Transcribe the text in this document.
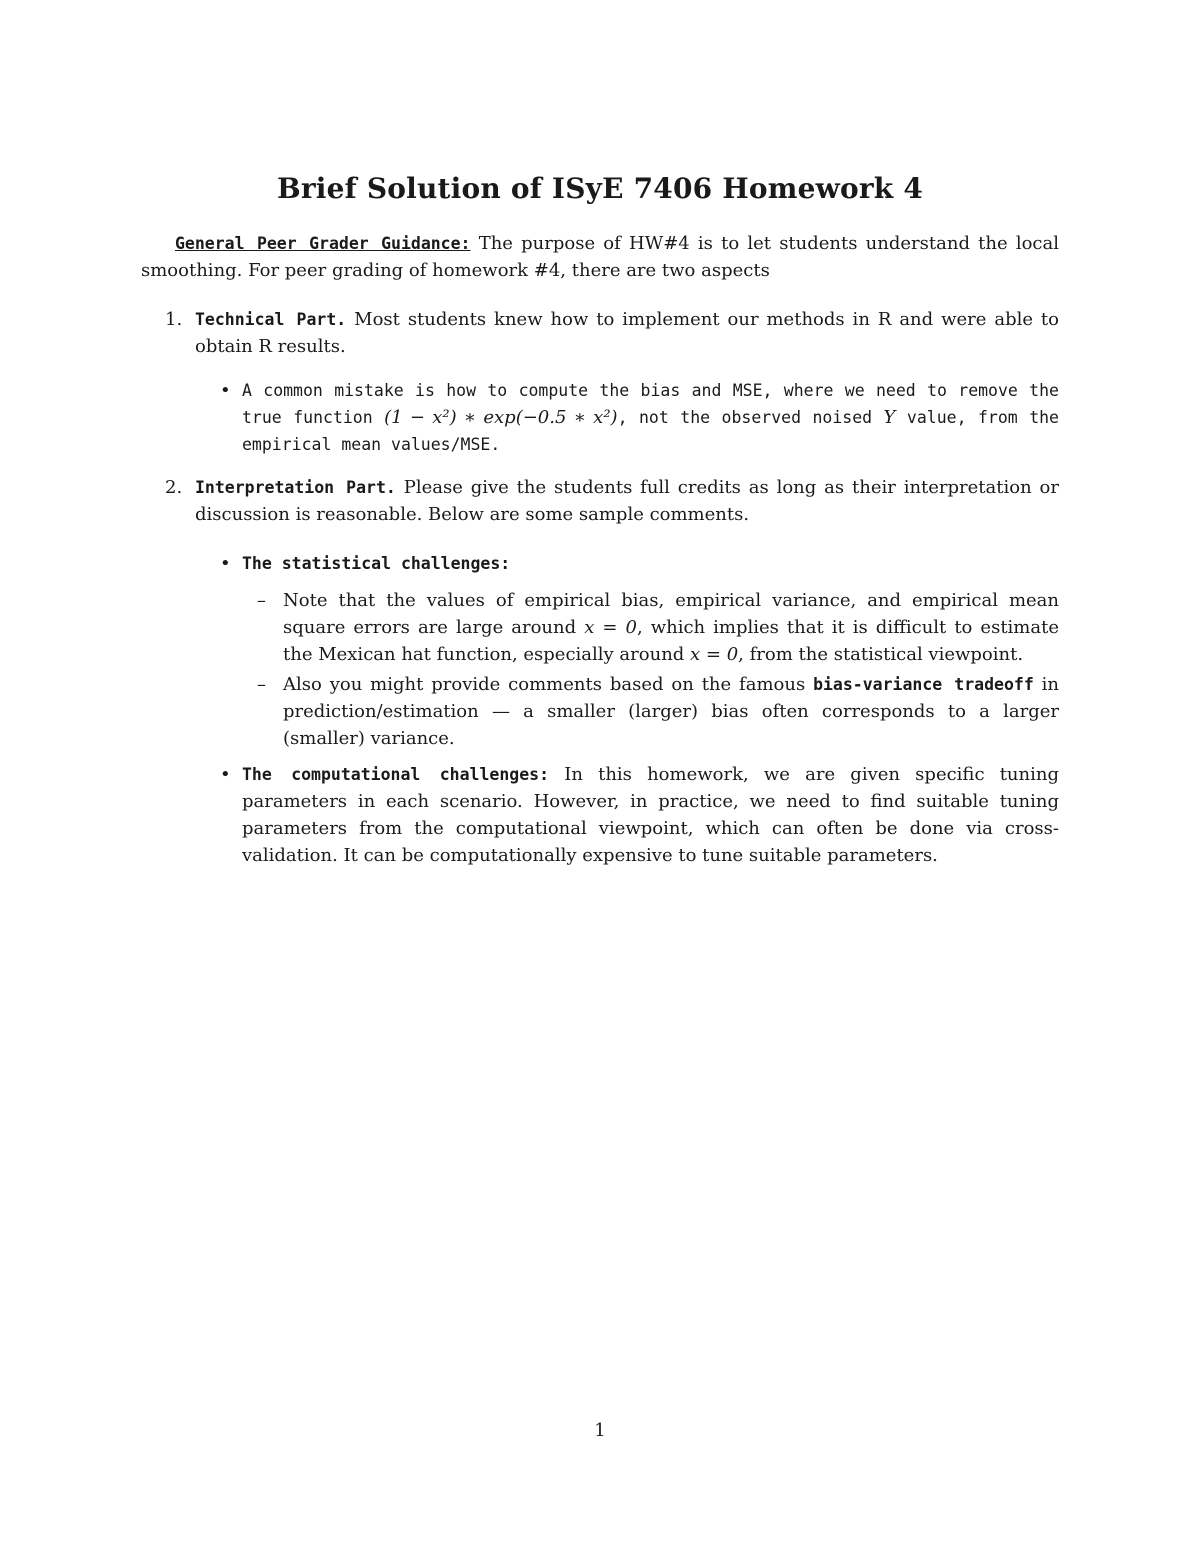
Brief Solution of ISyE 7406 Homework 4
General Peer Grader Guidance: The purpose of HW#4 is to let students understand the local smoothing. For peer grading of homework #4, there are two aspects
1. Technical Part. Most students knew how to implement our methods in R and were able to obtain R results.
• A common mistake is how to compute the bias and MSE, where we need to remove the true function (1 − x²) ∗ exp(−0.5 ∗ x²), not the observed noised Y value, from the empirical mean values/MSE.
2. Interpretation Part. Please give the students full credits as long as their interpretation or discussion is reasonable. Below are some sample comments.
• The statistical challenges:
– Note that the values of empirical bias, empirical variance, and empirical mean square errors are large around x = 0, which implies that it is difficult to estimate the Mexican hat function, especially around x = 0, from the statistical viewpoint.
– Also you might provide comments based on the famous bias-variance tradeoff in prediction/estimation — a smaller (larger) bias often corresponds to a larger (smaller) variance.
• The computational challenges: In this homework, we are given specific tuning parameters in each scenario. However, in practice, we need to find suitable tuning parameters from the computational viewpoint, which can often be done via cross-validation. It can be computationally expensive to tune suitable parameters.
1
